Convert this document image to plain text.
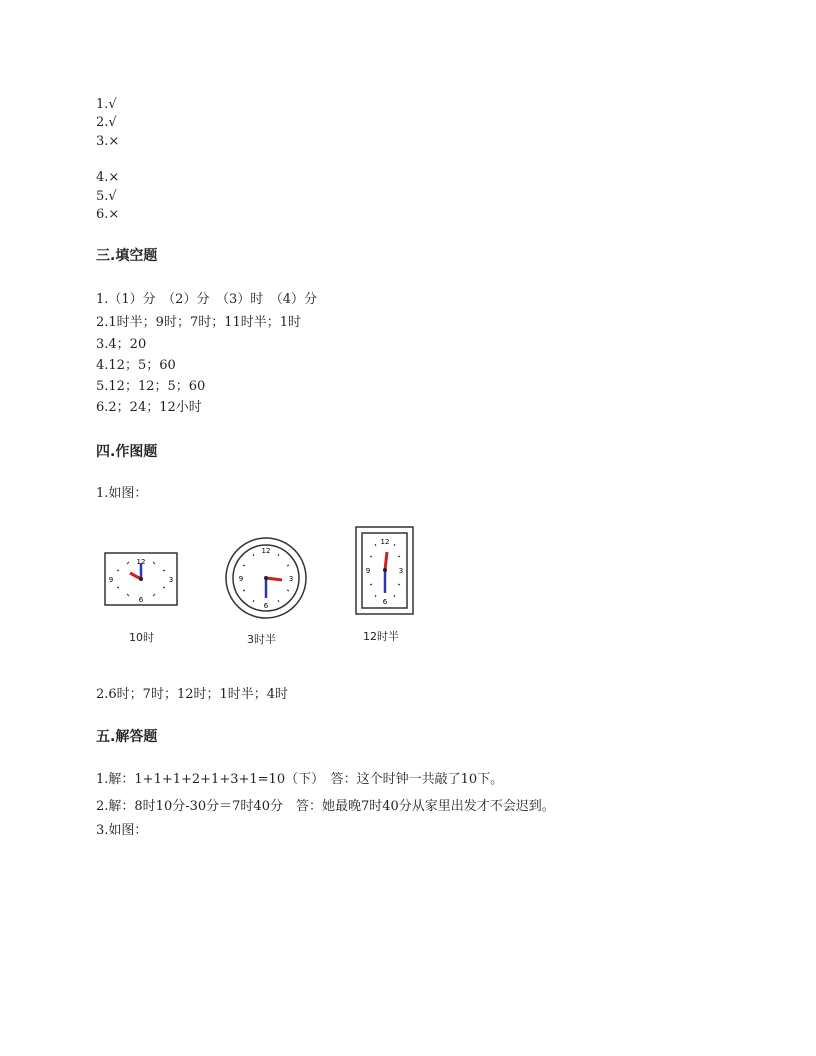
1.√
2.√
3.×
4.×
5.√
6.×
三.填空题
1.（1）分　（2）分　（3）时　（4）分
2.1时半；9时；7时；11时半；1时
3.4；20
4.12；5；60
5.12；12；5；60
6.2；24；12小时
四.作图题
1.如图：
12
3
6
9
10时
12
3
6
9
3时半
12
3
6
9
12时半
2.6时；7时；12时；1时半；4时
五.解答题
1.解：1+1+1+2+1+3+1=10（下）　答：这个时钟一共敲了10下。
2.解：8时10分-30分＝7时40分　答：她最晚7时40分从家里出发才不会迟到。
3.如图：
